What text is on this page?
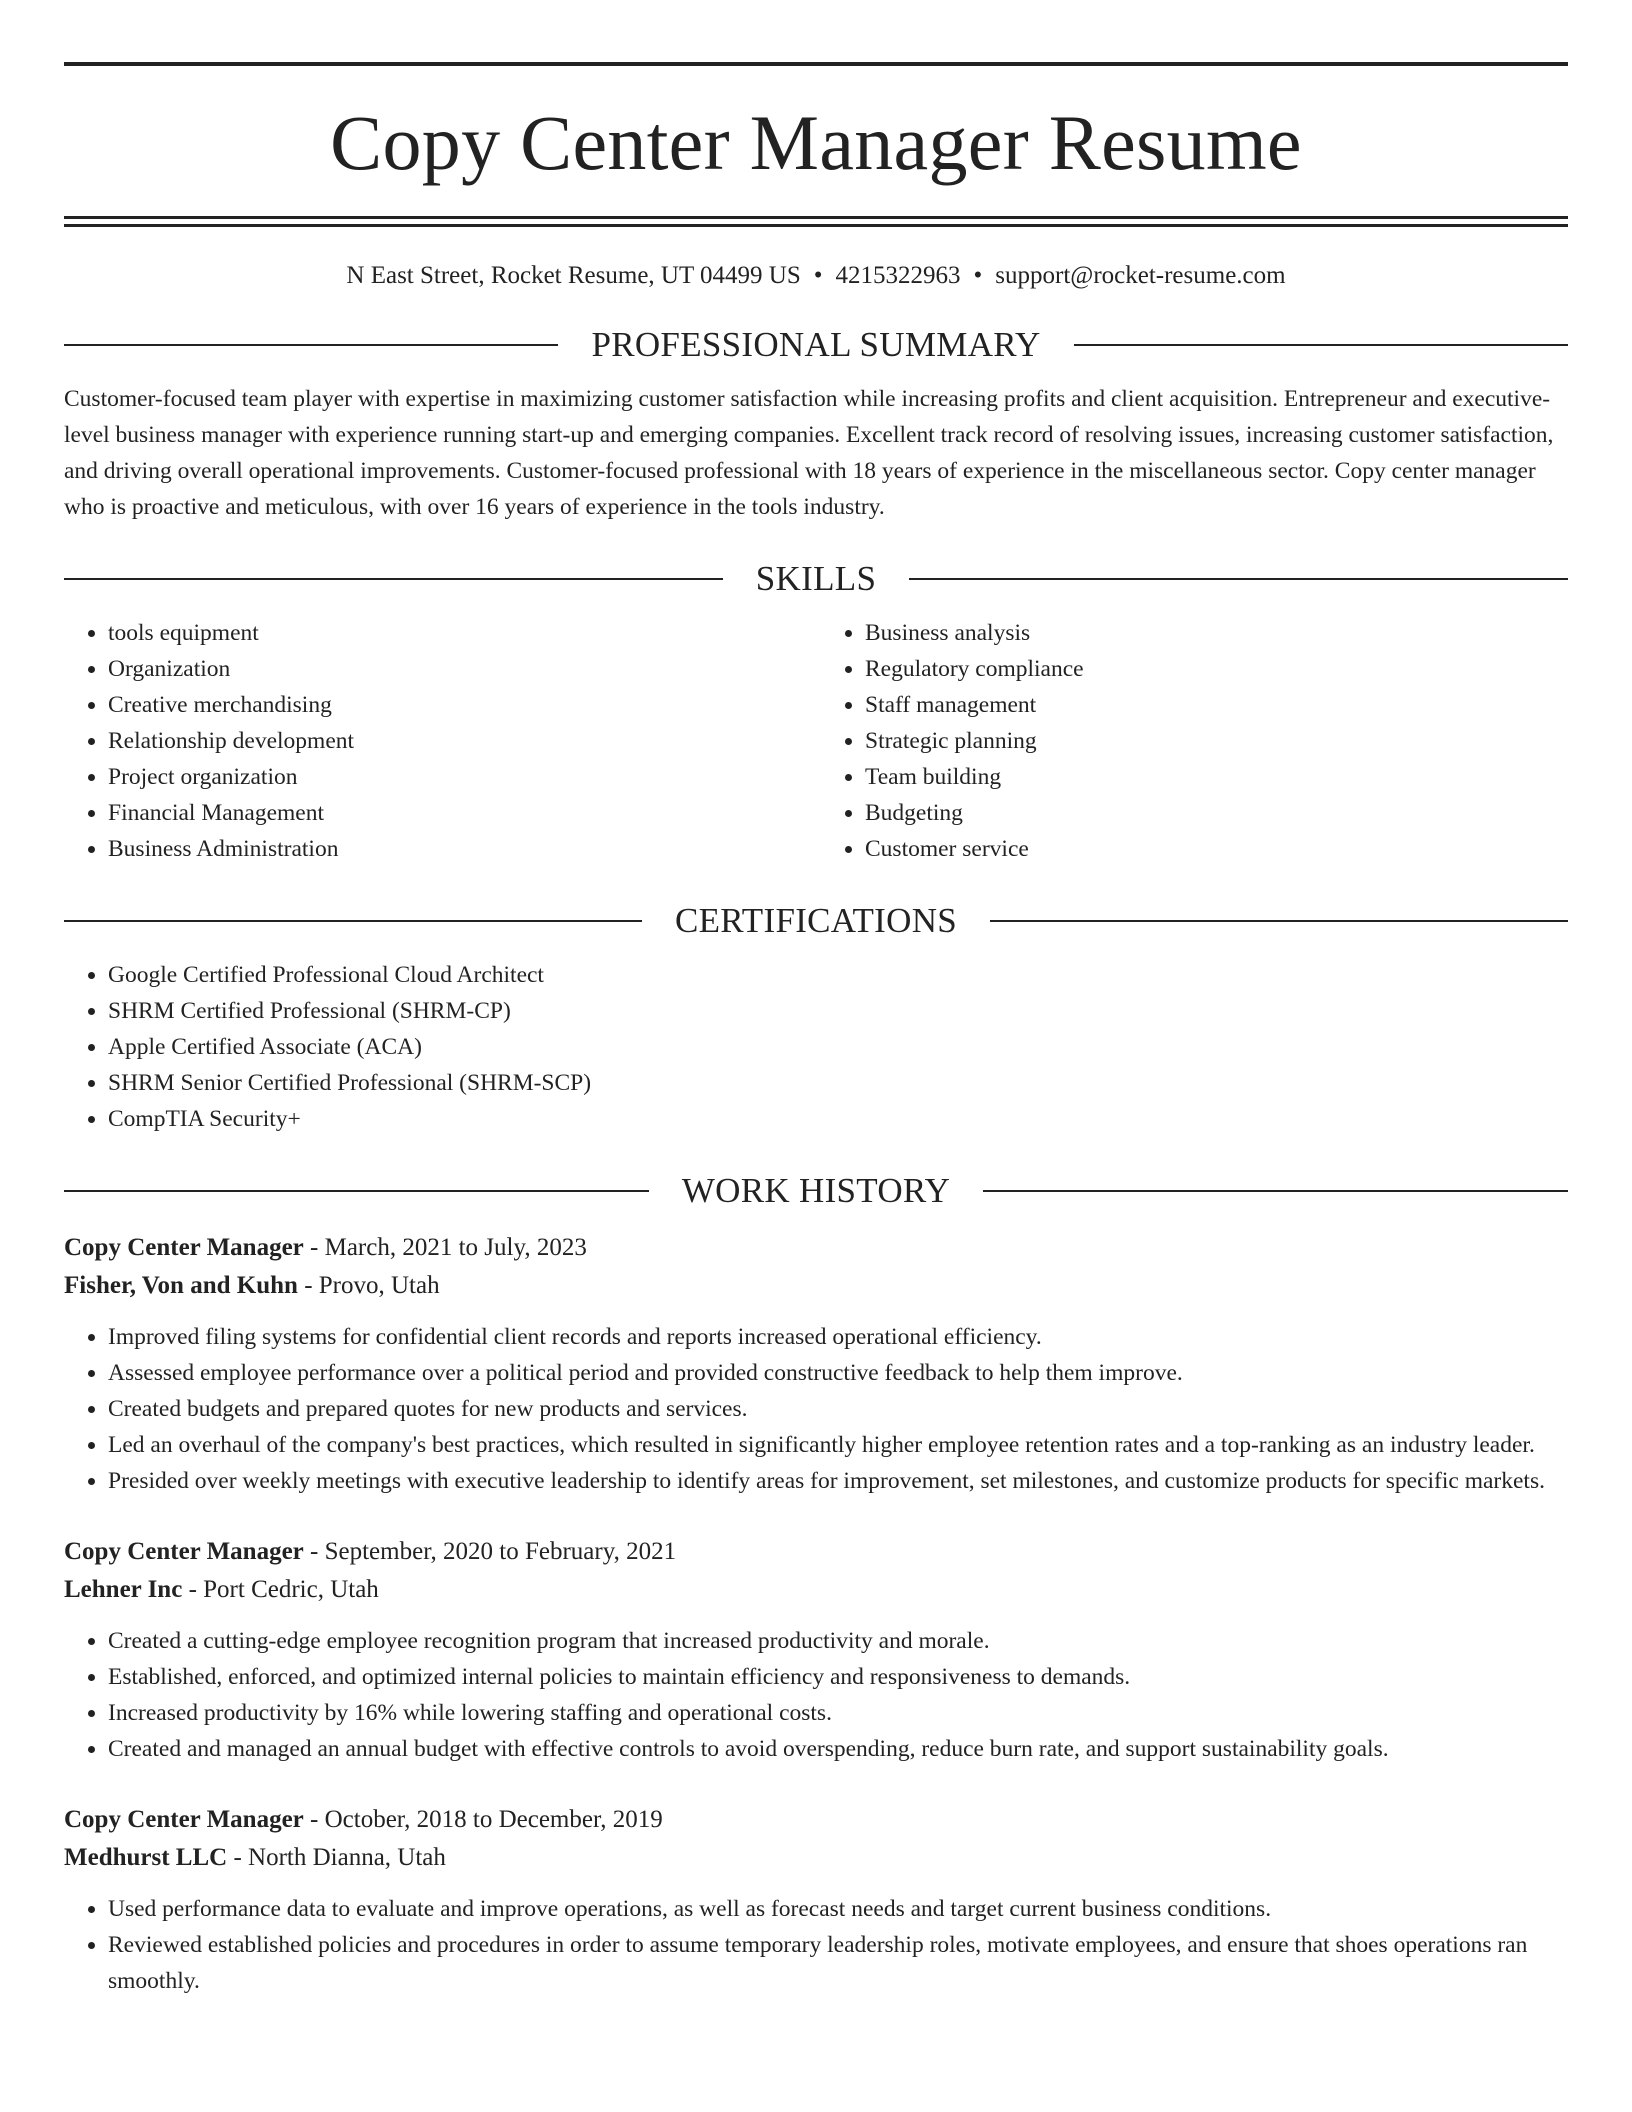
Copy Center Manager Resume
N East Street, Rocket Resume, UT 04499 US • 4215322963 • support@rocket-resume.com
PROFESSIONAL SUMMARY
Customer-focused team player with expertise in maximizing customer satisfaction while increasing profits and client acquisition. Entrepreneur and executive-level business manager with experience running start-up and emerging companies. Excellent track record of resolving issues, increasing customer satisfaction, and driving overall operational improvements. Customer-focused professional with 18 years of experience in the miscellaneous sector. Copy center manager who is proactive and meticulous, with over 16 years of experience in the tools industry.
SKILLS
• tools equipment
• Organization
• Creative merchandising
• Relationship development
• Project organization
• Financial Management
• Business Administration
• Business analysis
• Regulatory compliance
• Staff management
• Strategic planning
• Team building
• Budgeting
• Customer service
CERTIFICATIONS
• Google Certified Professional Cloud Architect
• SHRM Certified Professional (SHRM-CP)
• Apple Certified Associate (ACA)
• SHRM Senior Certified Professional (SHRM-SCP)
• CompTIA Security+
WORK HISTORY
Copy Center Manager - March, 2021 to July, 2023
Fisher, Von and Kuhn - Provo, Utah
• Improved filing systems for confidential client records and reports increased operational efficiency.
• Assessed employee performance over a political period and provided constructive feedback to help them improve.
• Created budgets and prepared quotes for new products and services.
• Led an overhaul of the company's best practices, which resulted in significantly higher employee retention rates and a top-ranking as an industry leader.
• Presided over weekly meetings with executive leadership to identify areas for improvement, set milestones, and customize products for specific markets.
Copy Center Manager - September, 2020 to February, 2021
Lehner Inc - Port Cedric, Utah
• Created a cutting-edge employee recognition program that increased productivity and morale.
• Established, enforced, and optimized internal policies to maintain efficiency and responsiveness to demands.
• Increased productivity by 16% while lowering staffing and operational costs.
• Created and managed an annual budget with effective controls to avoid overspending, reduce burn rate, and support sustainability goals.
Copy Center Manager - October, 2018 to December, 2019
Medhurst LLC - North Dianna, Utah
• Used performance data to evaluate and improve operations, as well as forecast needs and target current business conditions.
• Reviewed established policies and procedures in order to assume temporary leadership roles, motivate employees, and ensure that shoes operations ran smoothly.
